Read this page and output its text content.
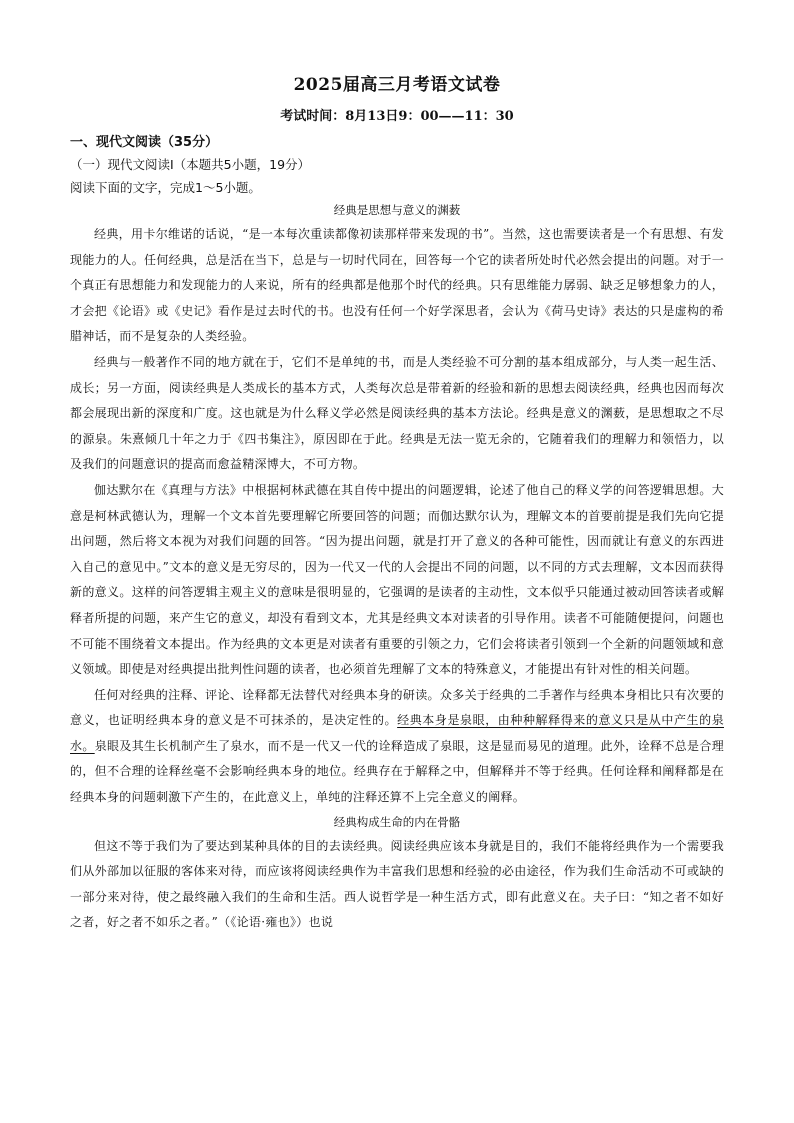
2025届高三月考语文试卷
考试时间：8月13日9：00——11：30
一、现代文阅读（35分）
（一）现代文阅读Ⅰ（本题共5小题，19分）
阅读下面的文字，完成1～5小题。
经典是思想与意义的渊薮

经典，用卡尔维诺的话说，“是一本每次重读都像初读那样带来发现的书”。当然，这也需要读者是一个有思想、有发现能力的人。任何经典，总是活在当下，总是与一切时代同在，回答每一个它的读者所处时代必然会提出的问题。对于一个真正有思想能力和发现能力的人来说，所有的经典都是他那个时代的经典。只有思维能力孱弱、缺乏足够想象力的人，才会把《论语》或《史记》看作是过去时代的书。也没有任何一个好学深思者，会认为《荷马史诗》表达的只是虚构的希腊神话，而不是复杂的人类经验。

经典与一般著作不同的地方就在于，它们不是单纯的书，而是人类经验不可分割的基本组成部分，与人类一起生活、成长；另一方面，阅读经典是人类成长的基本方式，人类每次总是带着新的经验和新的思想去阅读经典，经典也因而每次都会展现出新的深度和广度。这也就是为什么释义学必然是阅读经典的基本方法论。经典是意义的渊薮，是思想取之不尽的源泉。朱熹倾几十年之力于《四书集注》，原因即在于此。经典是无法一览无余的，它随着我们的理解力和领悟力，以及我们的问题意识的提高而愈益精深博大，不可方物。

伽达默尔在《真理与方法》中根据柯林武德在其自传中提出的问题逻辑，论述了他自己的释义学的问答逻辑思想。大意是柯林武德认为，理解一个文本首先要理解它所要回答的问题；而伽达默尔认为，理解文本的首要前提是我们先向它提出问题，然后将文本视为对我们问题的回答。“因为提出问题，就是打开了意义的各种可能性，因而就让有意义的东西进入自己的意见中。”文本的意义是无穷尽的，因为一代又一代的人会提出不同的问题，以不同的方式去理解，文本因而获得新的意义。这样的问答逻辑主观主义的意味是很明显的，它强调的是读者的主动性，文本似乎只能通过被动回答读者或解释者所提的问题，来产生它的意义，却没有看到文本，尤其是经典文本对读者的引导作用。读者不可能随便提问，问题也不可能不围绕着文本提出。作为经典的文本更是对读者有重要的引领之力，它们会将读者引领到一个全新的问题领域和意义领域。即使是对经典提出批判性问题的读者，也必须首先理解了文本的特殊意义，才能提出有针对性的相关问题。

任何对经典的注释、评论、诠释都无法替代对经典本身的研读。众多关于经典的二手著作与经典本身相比只有次要的意义，也证明经典本身的意义是不可抹杀的，是决定性的。经典本身是泉眼，由种种解释得来的意义只是从中产生的泉水。泉眼及其生长机制产生了泉水，而不是一代又一代的诠释造成了泉眼，这是显而易见的道理。此外，诠释不总是合理的，但不合理的诠释丝毫不会影响经典本身的地位。经典存在于解释之中，但解释并不等于经典。任何诠释和阐释都是在经典本身的问题刺激下产生的，在此意义上，单纯的注释还算不上完全意义的阐释。

经典构成生命的内在骨骼

但这不等于我们为了要达到某种具体的目的去读经典。阅读经典应该本身就是目的，我们不能将经典作为一个需要我们从外部加以征服的客体来对待，而应该将阅读经典作为丰富我们思想和经验的必由途径，作为我们生命活动不可或缺的一部分来对待，使之最终融入我们的生命和生活。西人说哲学是一种生活方式，即有此意义在。夫子曰：“知之者不如好之者，好之者不如乐之者。”（《论语·雍也》）也说
